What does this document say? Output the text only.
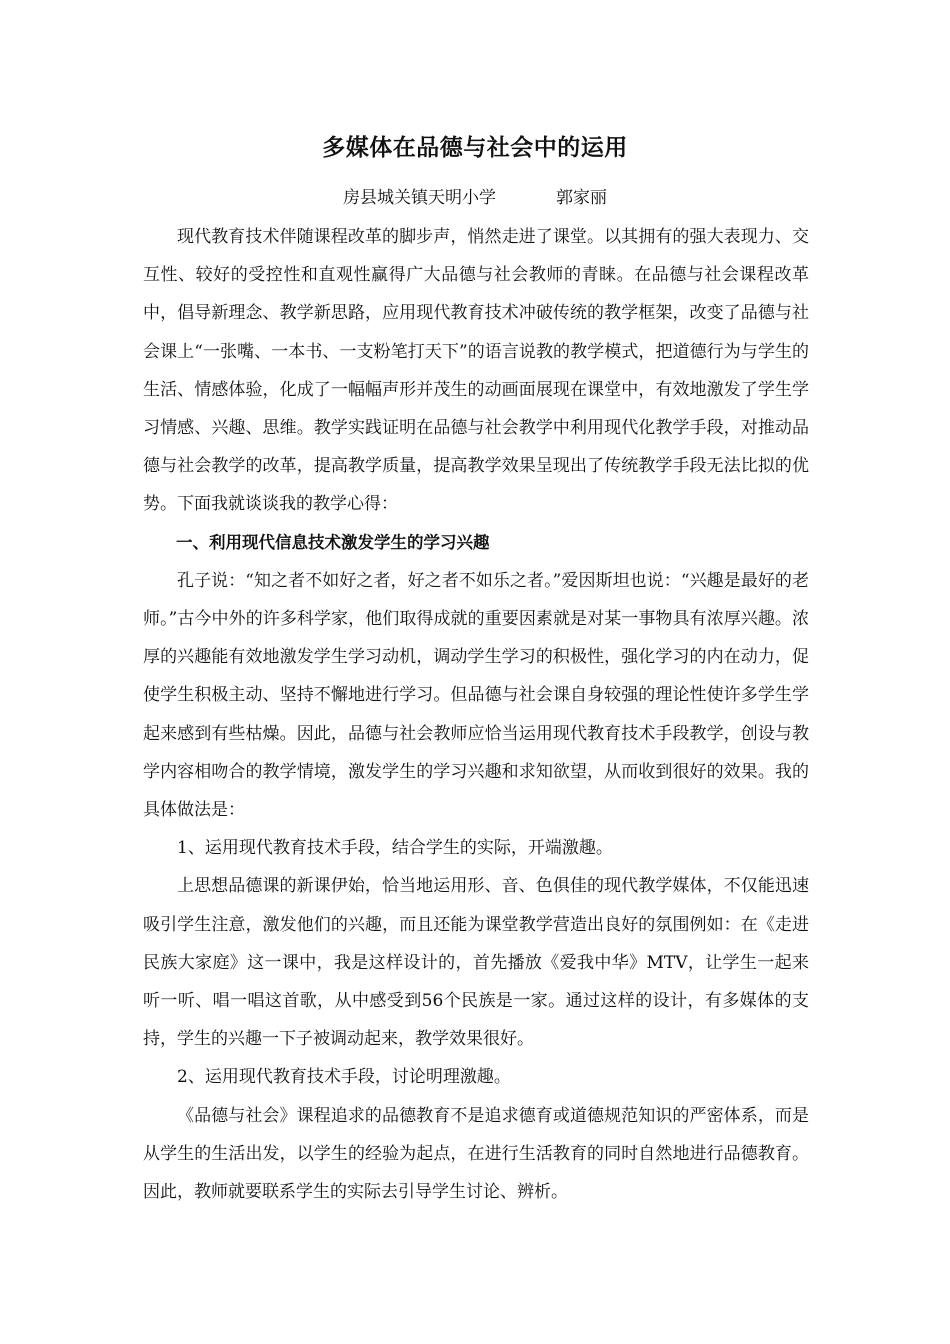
多媒体在品德与社会中的运用
房县城关镇天明小学	郭家丽

现代教育技术伴随课程改革的脚步声，悄然走进了课堂。以其拥有的强大表现力、交互性、较好的受控性和直观性赢得广大品德与社会教师的青睐。在品德与社会课程改革中，倡导新理念、教学新思路，应用现代教育技术冲破传统的教学框架，改变了品德与社会课上“一张嘴、一本书、一支粉笔打天下”的语言说教的教学模式，把道德行为与学生的生活、情感体验，化成了一幅幅声形并茂生的动画面展现在课堂中，有效地激发了学生学习情感、兴趣、思维。教学实践证明在品德与社会教学中利用现代化教学手段，对推动品德与社会教学的改革，提高教学质量，提高教学效果呈现出了传统教学手段无法比拟的优势。下面我就谈谈我的教学心得：

一、利用现代信息技术激发学生的学习兴趣

孔子说：“知之者不如好之者，好之者不如乐之者。”爱因斯坦也说：“兴趣是最好的老师。”古今中外的许多科学家，他们取得成就的重要因素就是对某一事物具有浓厚兴趣。浓厚的兴趣能有效地激发学生学习动机，调动学生学习的积极性，强化学习的内在动力，促使学生积极主动、坚持不懈地进行学习。但品德与社会课自身较强的理论性使许多学生学起来感到有些枯燥。因此，品德与社会教师应恰当运用现代教育技术手段教学，创设与教学内容相吻合的教学情境，激发学生的学习兴趣和求知欲望，从而收到很好的效果。我的具体做法是：

1、运用现代教育技术手段，结合学生的实际，开端激趣。

上思想品德课的新课伊始，恰当地运用形、音、色俱佳的现代教学媒体，不仅能迅速吸引学生注意，激发他们的兴趣，而且还能为课堂教学营造出良好的氛围例如：在《走进民族大家庭》这一课中，我是这样设计的，首先播放《爱我中华》MTV，让学生一起来听一听、唱一唱这首歌，从中感受到56个民族是一家。通过这样的设计，有多媒体的支持，学生的兴趣一下子被调动起来，教学效果很好。

2、运用现代教育技术手段，讨论明理激趣。

《品德与社会》课程追求的品德教育不是追求德育或道德规范知识的严密体系，而是从学生的生活出发，以学生的经验为起点，在进行生活教育的同时自然地进行品德教育。因此，教师就要联系学生的实际去引导学生讨论、辨析。
